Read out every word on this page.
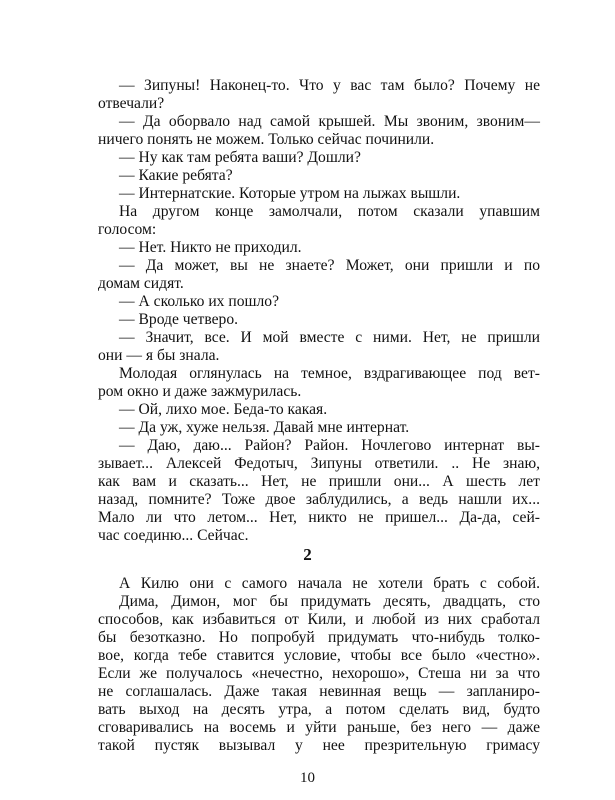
— Зипуны! Наконец-то. Что у вас там было? Почему не
отвечали?
— Да оборвало над самой крышей. Мы звоним, звоним—
ничего понять не можем. Только сейчас починили.
— Ну как там ребята ваши? Дошли?
— Какие ребята?
— Интернатские. Которые утром на лыжах вышли.
На другом конце замолчали, потом сказали упавшим
голосом:
— Нет. Никто не приходил.
— Да может, вы не знаете? Может, они пришли и по
домам сидят.
— А сколько их пошло?
— Вроде четверо.
— Значит, все. И мой вместе с ними. Нет, не пришли
они — я бы знала.
Молодая оглянулась на темное, вздрагивающее под вет-
ром окно и даже зажмурилась.
— Ой, лихо мое. Беда-то какая.
— Да уж, хуже нельзя. Давай мне интернат.
— Даю, даю... Район? Район. Ночлегово интернат вы-
зывает... Алексей Федотыч, Зипуны ответили. .. Не знаю,
как вам и сказать... Нет, не пришли они... А шесть лет
назад, помните? Тоже двое заблудились, а ведь нашли их...
Мало ли что летом... Нет, никто не пришел... Да-да, сей-
час соединю... Сейчас.
2
А Килю они с самого начала не хотели брать с собой.
Дима, Димон, мог бы придумать десять, двадцать, сто
способов, как избавиться от Кили, и любой из них сработал
бы безотказно. Но попробуй придумать что-нибудь толко-
вое, когда тебе ставится условие, чтобы все было «честно».
Если же получалось «нечестно, нехорошо», Стеша ни за что
не соглашалась. Даже такая невинная вещь — запланиро-
вать выход на десять утра, а потом сделать вид, будто
сговаривались на восемь и уйти раньше, без него — даже
такой пустяк вызывал у нее презрительную гримасу
10
